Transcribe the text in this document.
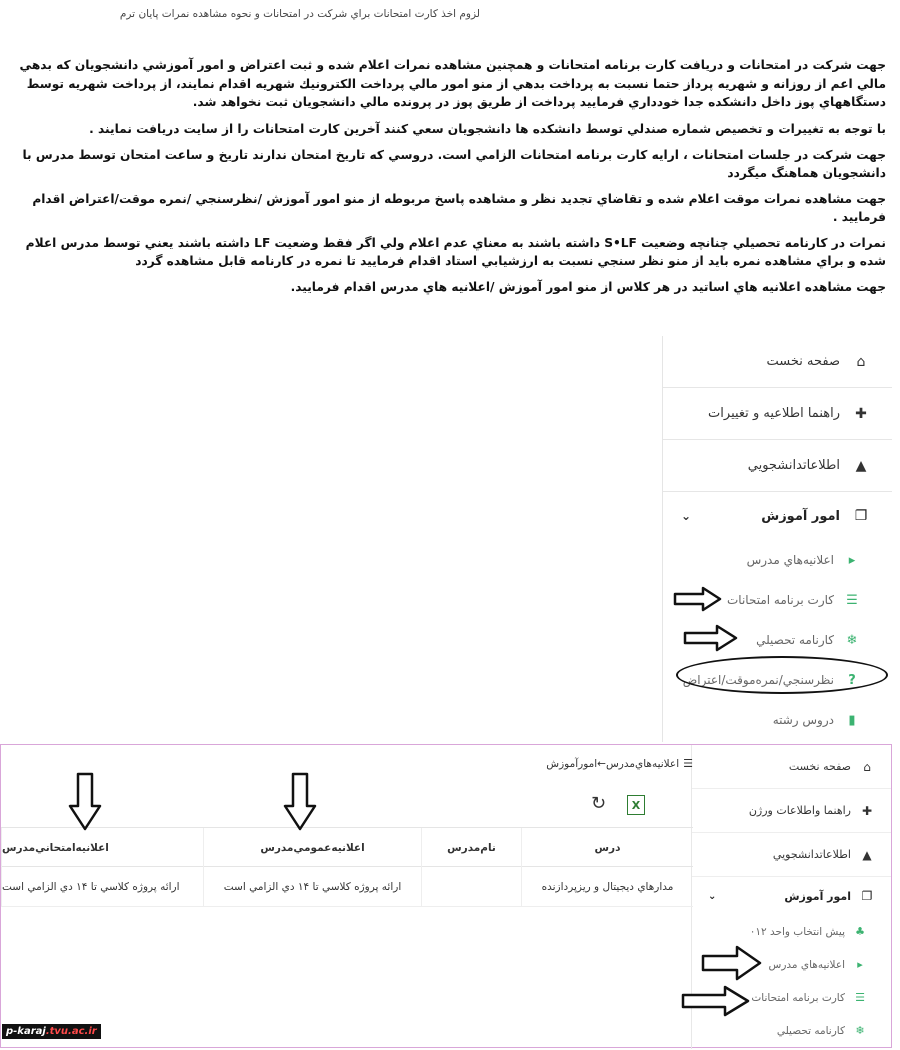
لزوم اخذ کارت امتحانات براي شرکت در امتحانات و نحوه مشاهده نمرات پايان ترم

جهت شرکت در امتحانات و دريافت کارت برنامه امتحانات و همچنين مشاهده نمرات اعلام شده و ثبت اعتراض و امور آموزشي دانشجويان که بدهي مالي اعم از روزانه و شهريه پرداز حتما نسبت به پرداخت بدهي از منو امور مالي پرداخت الکترونيك شهريه اقدام نمايند، از پرداخت شهريه توسط دستگاههاي پوز داخل دانشکده جدا خودداري فرماييد پرداخت از طريق پوز در پرونده مالي دانشجويان ثبت نخواهد شد.

با توجه به تغييرات و تخصيص شماره صندلي توسط دانشکده ها دانشجويان سعي کنند آخرين کارت امتحانات را از سايت دريافت نمايند .

جهت شرکت در جلسات امتحانات ، ارايه کارت برنامه امتحانات الزامي است. دروسي که تاريخ امتحان ندارند تاريخ و ساعت امتحان توسط مدرس با دانشجويان هماهنگ ميگردد

جهت مشاهده نمرات موقت اعلام شده و تقاضاي تجديد نظر و مشاهده پاسخ مربوطه از منو امور آموزش /نظرسنجي /نمره موقت/اعتراض اقدام فرماييد .

نمرات در کارنامه تحصيلي چنانچه وضعيت S•LF داشته باشند به معناي عدم اعلام ولي اگر فقط وضعيت LF داشته باشند يعني توسط مدرس اعلام شده و براي مشاهده نمره بايد از منو نظر سنجي نسبت به ارزشيابي استاد اقدام فرماييد تا نمره در کارنامه قابل مشاهده گردد

جهت مشاهده اعلانيه هاي اساتيد در هر کلاس از منو امور آموزش /اعلانيه هاي مدرس اقدام فرماييد.

⌂
صفحه نخست
✚
راهنما اطلاعيه و تغييرات
▲
اطلاعاتدانشجويي
❐
امور آموزش
⌄
▸
اعلانيه‌هاي مدرس
☰
کارت برنامه امتحانات
❄
کارنامه تحصيلي
?
نظرسنجي/نمره‌موقت/اعتراض
▮
دروس رشته
⌂
صفحه نخست
✚
راهنما واطلاعات ورژن
▲
اطلاعاتدانشجويي
❐
امور آموزش
⌄
♣
پيش انتخاب واحد ۰۱۲
▸
اعلانيه‌هاي مدرس
☰
کارت برنامه امتحانات
❄
کارنامه تحصيلي
☰
اعلانيه‌هاي‌مدرس←امورآموزش
↻	X
درس
نام‌مدرس
اعلانيه‌عمومي‌مدرس
اعلانيه‌امتحاني‌مدرس
مدارهاي ديجيتال و ريزپردازنده
ارائه پروژه کلاسي تا ۱۴ دي الزامي است
ارائه پروژه کلاسي تا ۱۴ دي الزامي است
p-karaj.tvu.ac.ir
